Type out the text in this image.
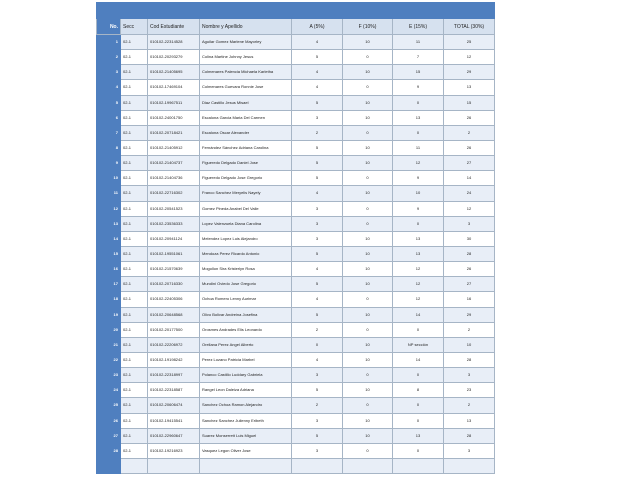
No.	Secc	Cod Estudiante	Nombre y Apellido	A (5%)	F (10%)	E (15%)	TOTAL (30%)
1	02-1	010102-22314528	Aguilar Gomez Marlene Mayorley	4	10	11	25
2	02-1	010102-20293279	Colina Martine Johnny Jesus	5	0	7	12
3	02-1	010102-21405695	Colmenares Palencia Michaela Karletha	4	10	15	29
4	02-1	010102-17469104	Colmenares Guevara Ronnie Jose	4	0	9	13
5	02-1	010102-19967511	Diaz Castillo Jesus Misael	5	10	0	15
6	02-1	010102-24001750	Escalona Garcia Maria Del Carmen	3	10	13	26
7	02-1	010102-20718421	Escalona Oscar Alexander	2	0	0	2
8	02-1	010102-21405912	Fernández Sánchez Adriana Carolina	5	10	11	26
9	02-1	010102-21404737	Figueredo Delgado Daniel Jose	5	10	12	27
10	02-1	010102-21404736	Figueredo Delgado Jose Gregorio	5	0	9	14
11	02-1	010102-22716302	Franco Sanchez Meryelis Nayely	4	10	10	24
12	02-1	010102-20541523	Gomez Pineda Anabel Del Valle	3	0	9	12
13	02-1	010102-23536333	Lopez Valenzuela Diana Carolina	3	0	0	3
14	02-1	010102-20941124	Melendez Lopez Luis Alejandro	3	10	13	30
15	02-1	010102-19551061	Mendoza Perez Ricardo Antonio	5	10	13	28
16	02-1	010102-21570639	Mogollon Sira Kristerlyn Rosa	4	10	12	26
17	02-1	010102-20716330	Mundini Oviedo Jose Gregorio	5	10	12	27
18	02-1	010102-22405306	Ochoa Romero Lenny Aurimar	4	0	12	16
19	02-1	010102-20648568	Olivo Bolivar Andreina Josefina	5	10	14	29
20	02-1	010102-20177500	Orosmes Andrades Elis Leonardo	2	0	0	2
21	02-1	010102-22206972	Orellana Perez Angel Alberto	0	10	NP sección	10
22	02-1	010102-19198242	Perez Lozano Patricia Marbel	4	10	14	28
23	02-1	010102-22318997	Polanco Castillo Luddary Gabriela	3	0	0	3
24	02-1	010102-22318587	Rangel Leon Daleiza Adriana	5	10	8	23
25	02-1	010102-20606474	Sanchez Ochoa Ramon Alejandro	2	0	0	2
26	02-1	010102-19415541	Sanchez Sanchez Julienny Eribeth	3	10	0	13
27	02-1	010102-22960647	Suarez Monserrett Luis Miguel	5	10	13	28
28	02-1	010102-19216923	Vasquez Legon Oliver Jose	3	0	0	3
